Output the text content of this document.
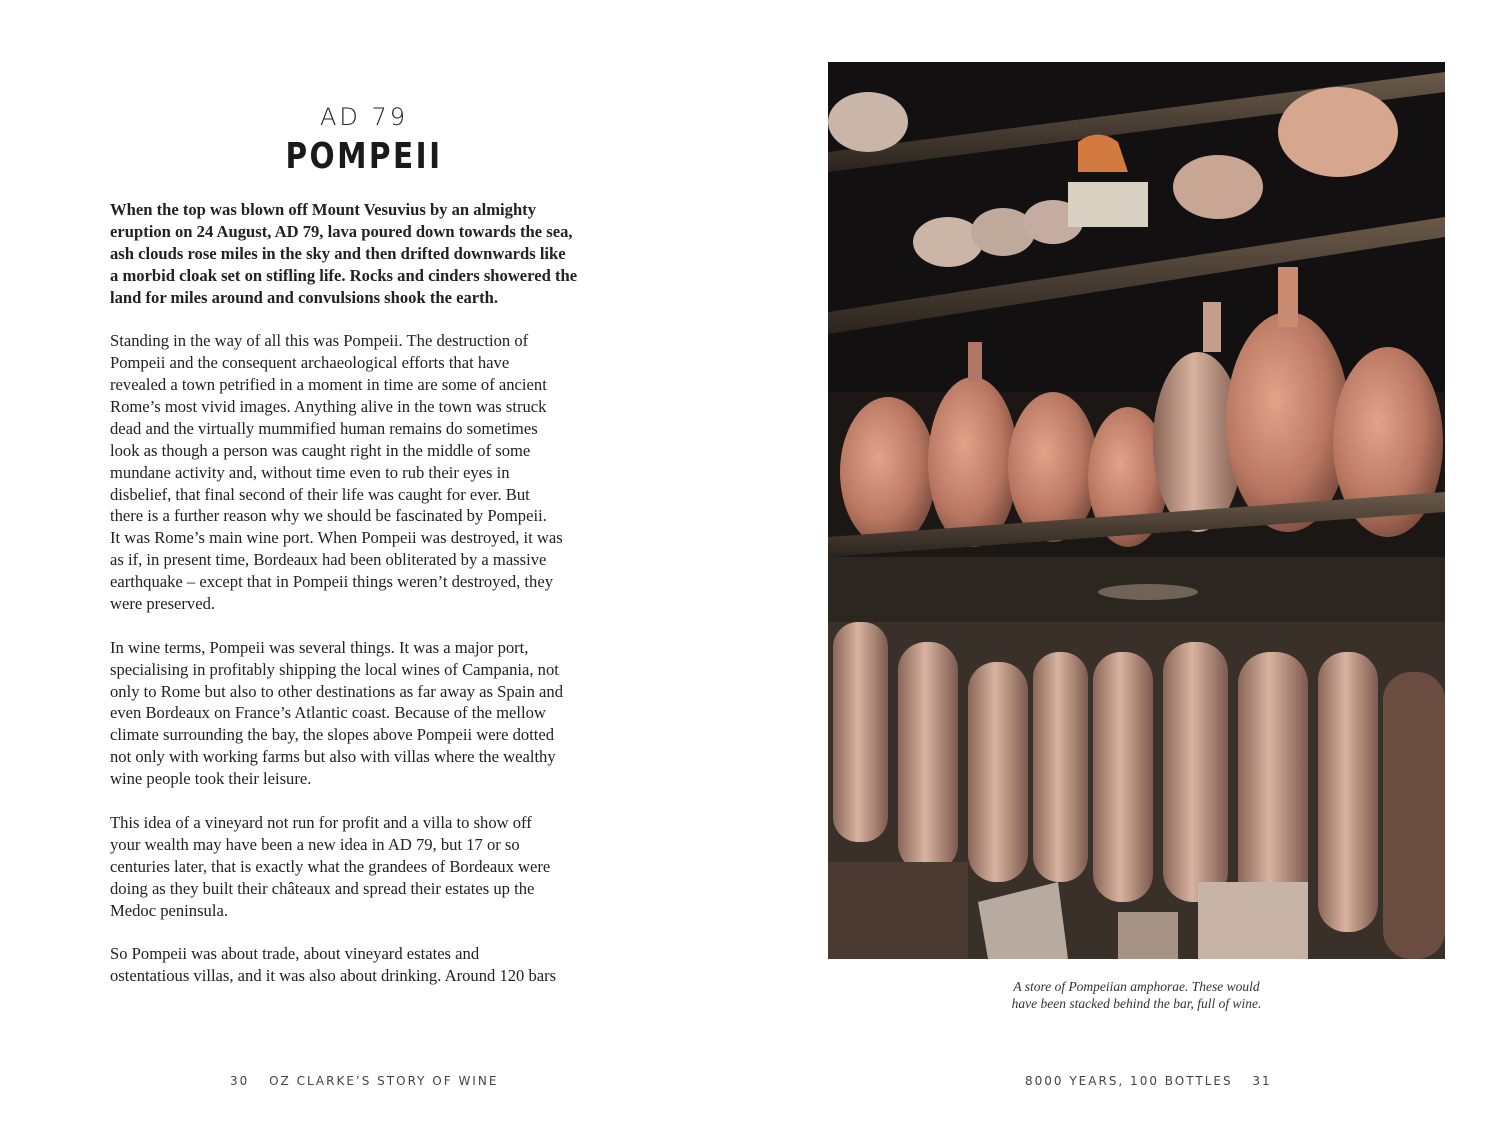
AD 79
POMPEII
When the top was blown off Mount Vesuvius by an almighty
eruption on 24 August, AD 79, lava poured down towards the sea,
ash clouds rose miles in the sky and then drifted downwards like
a morbid cloak set on stifling life. Rocks and cinders showered the
land for miles around and convulsions shook the earth.
Standing in the way of all this was Pompeii. The destruction of
Pompeii and the consequent archaeological efforts that have
revealed a town petrified in a moment in time are some of ancient
Rome’s most vivid images. Anything alive in the town was struck
dead and the virtually mummified human remains do sometimes
look as though a person was caught right in the middle of some
mundane activity and, without time even to rub their eyes in
disbelief, that final second of their life was caught for ever. But
there is a further reason why we should be fascinated by Pompeii.
It was Rome’s main wine port. When Pompeii was destroyed, it was
as if, in present time, Bordeaux had been obliterated by a massive
earthquake – except that in Pompeii things weren’t destroyed, they
were preserved.
In wine terms, Pompeii was several things. It was a major port,
specialising in profitably shipping the local wines of Campania, not
only to Rome but also to other destinations as far away as Spain and
even Bordeaux on France’s Atlantic coast. Because of the mellow
climate surrounding the bay, the slopes above Pompeii were dotted
not only with working farms but also with villas where the wealthy
wine people took their leisure.
This idea of a vineyard not run for profit and a villa to show off
your wealth may have been a new idea in AD 79, but 17 or so
centuries later, that is exactly what the grandees of Bordeaux were
doing as they built their châteaux and spread their estates up the
Medoc peninsula.
So Pompeii was about trade, about vineyard estates and
ostentatious villas, and it was also about drinking. Around 120 bars
30 OZ CLARKE’S STORY OF WINE
A store of Pompeiian amphorae. These would
have been stacked behind the bar, full of wine.
8000 YEARS, 100 BOTTLES 31
